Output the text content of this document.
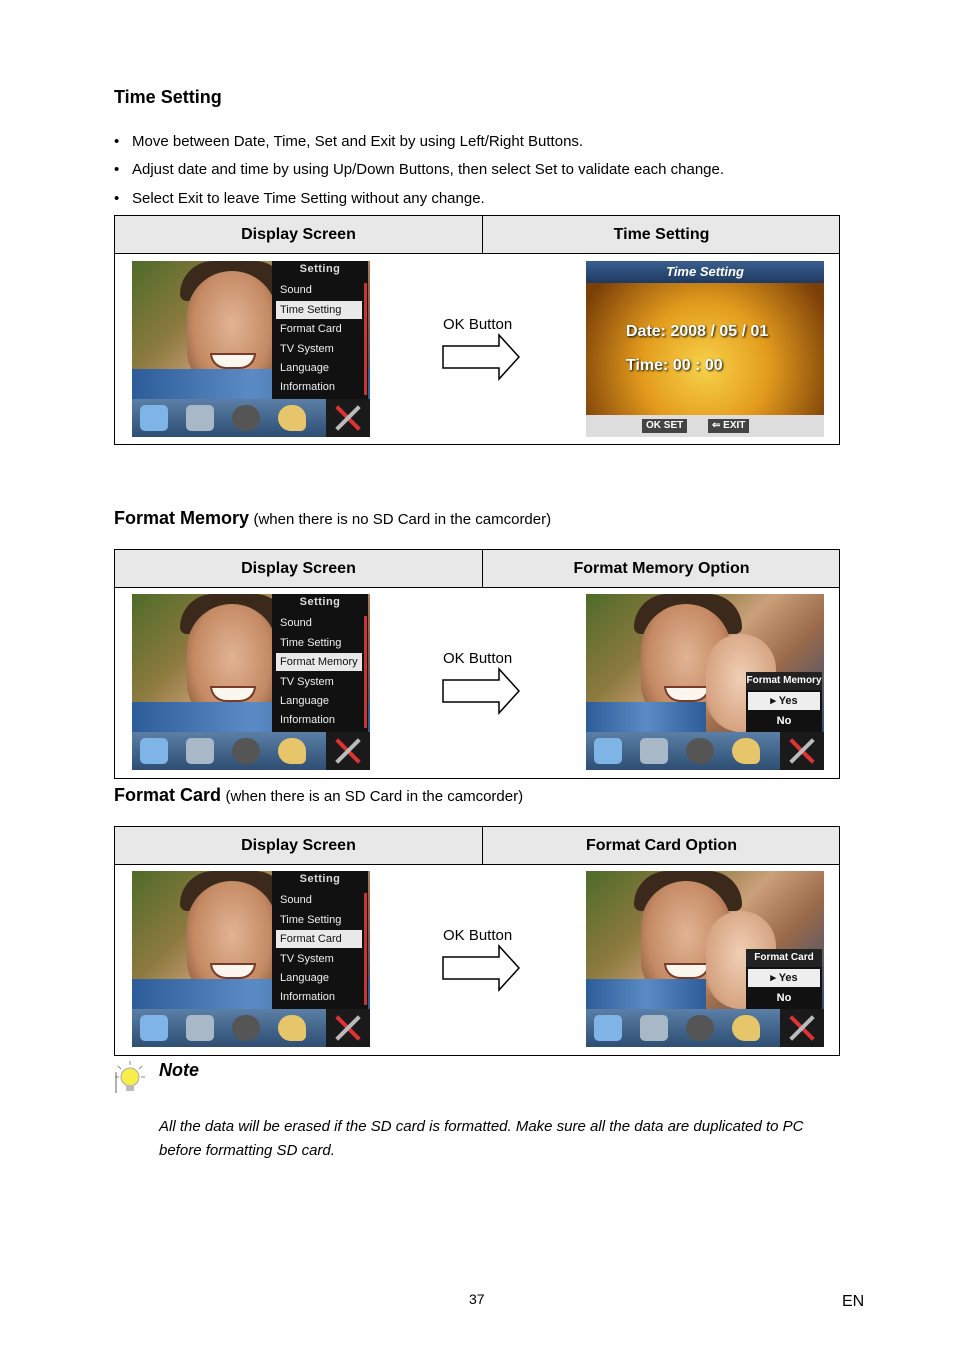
Time Setting
• Move between Date, Time, Set and Exit by using Left/Right Buttons.
• Adjust date and time by using Up/Down Buttons, then select Set to validate each change.
• Select Exit to leave Time Setting without any change.
Display Screen	Time Setting
Setting
Sound
Time Setting
Format Card
TV System
Language
Information
OK Button
Time Setting
Date: 2008 / 05 / 01
Time: 00 : 00
OK SET	⇐ EXIT
Format Memory (when there is no SD Card in the camcorder)
Display Screen	Format Memory Option
Setting
Sound
Time Setting
Format Memory
TV System
Language
Information
OK Button
Format Memory
▸ Yes
No
Format Card (when there is an SD Card in the camcorder)
Display Screen	Format Card Option
Setting
Sound
Time Setting
Format Card
TV System
Language
Information
OK Button
Format Card
▸ Yes
No
Note
All the data will be erased if the SD card is formatted. Make sure all the data are duplicated to PC
before formatting SD card.
37	EN
